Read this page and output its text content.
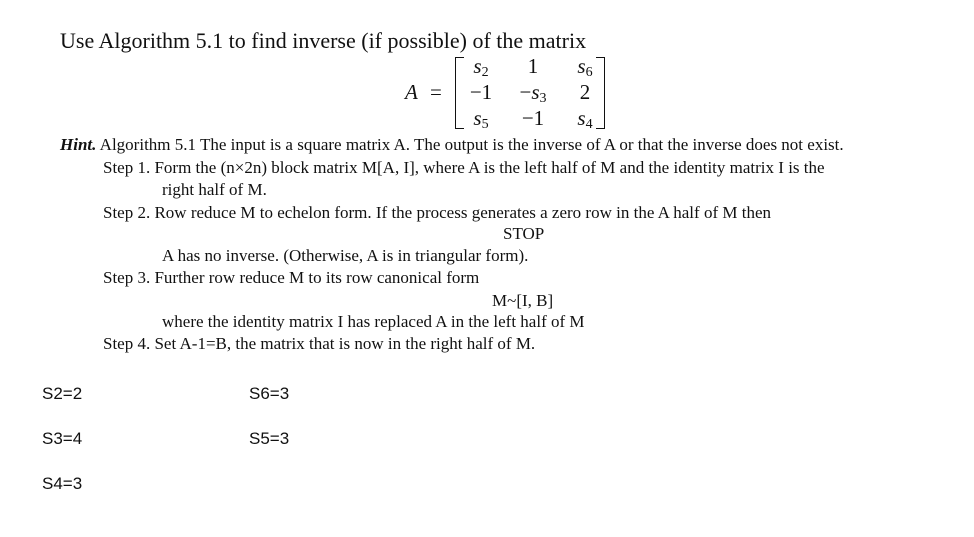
Use Algorithm 5.1 to find inverse (if possible) of the matrix
A =
$s_2$	1	$s_6$
−1	$-s_3$	2
$s_5$	−1	$s_4$
Hint. Algorithm 5.1 The input is a square matrix A. The output is the inverse of A or that the inverse does not exist.
Step 1. Form the (n×2n) block matrix M[A, I], where A is the left half of M and the identity matrix I is the
right half of M.
Step 2. Row reduce M to echelon form. If the process generates a zero row in the A half of M then
STOP
A has no inverse. (Otherwise, A is in triangular form).
Step 3. Further row reduce M to its row canonical form
M~[I, B]
where the identity matrix I has replaced A in the left half of M
Step 4. Set A-1=B, the matrix that is now in the right half of M.
S2=2	S6=3
S3=4	S5=3
S4=3
